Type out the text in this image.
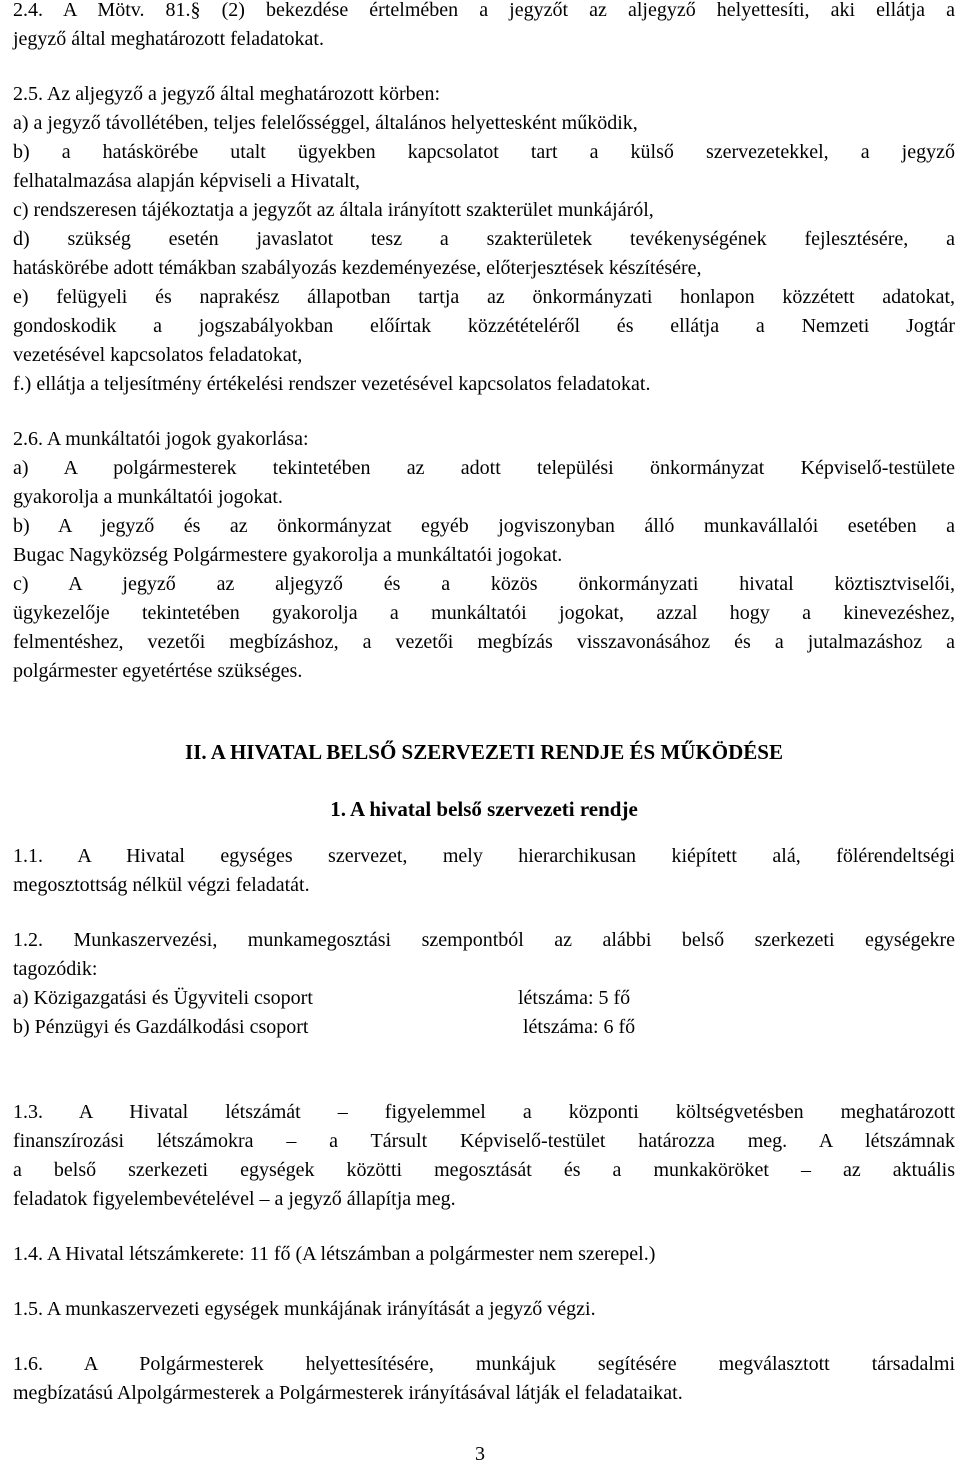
2.4. A Mötv. 81.§ (2) bekezdése értelmében a jegyzőt az aljegyző helyettesíti, aki ellátja a
jegyző által meghatározott feladatokat.
2.5. Az aljegyző a jegyző által meghatározott körben:
a) a jegyző távollétében, teljes felelősséggel, általános helyettesként működik,
b) a hatáskörébe utalt ügyekben kapcsolatot tart a külső szervezetekkel, a jegyző
felhatalmazása alapján képviseli a Hivatalt,
c) rendszeresen tájékoztatja a jegyzőt az általa irányított szakterület munkájáról,
d) szükség esetén javaslatot tesz a szakterületek tevékenységének fejlesztésére, a
hatáskörébe adott témákban szabályozás kezdeményezése, előterjesztések készítésére,
e) felügyeli és naprakész állapotban tartja az önkormányzati honlapon közzétett adatokat,
gondoskodik a jogszabályokban előírtak közzétételéről és ellátja a Nemzeti Jogtár
vezetésével kapcsolatos feladatokat,
f.) ellátja a teljesítmény értékelési rendszer vezetésével kapcsolatos feladatokat.
2.6. A munkáltatói jogok gyakorlása:
a) A polgármesterek tekintetében az adott települési önkormányzat Képviselő-testülete
gyakorolja a munkáltatói jogokat.
b) A jegyző és az önkormányzat egyéb jogviszonyban álló munkavállalói esetében a
Bugac Nagyközség Polgármestere gyakorolja a munkáltatói jogokat.
c) A jegyző az aljegyző és a közös önkormányzati hivatal köztisztviselői,
ügykezelője tekintetében gyakorolja a munkáltatói jogokat, azzal hogy a kinevezéshez,
felmentéshez, vezetői megbízáshoz, a vezetői megbízás visszavonásához és a jutalmazáshoz a
polgármester egyetértése szükséges.
II. A HIVATAL BELSŐ SZERVEZETI RENDJE ÉS MŰKÖDÉSE
1. A hivatal belső szervezeti rendje
1.1. A Hivatal egységes szervezet, mely hierarchikusan kiépített alá, fölérendeltségi
megosztottság nélkül végzi feladatát.
1.2. Munkaszervezési, munkamegosztási szempontból az alábbi belső szerkezeti egységekre
tagozódik:
a) Közigazgatási és Ügyviteli csoport	létszáma: 5 fő
b) Pénzügyi és Gazdálkodási csoport	létszáma: 6 fő
1.3. A Hivatal létszámát – figyelemmel a központi költségvetésben meghatározott
finanszírozási létszámokra – a Társult Képviselő-testület határozza meg. A létszámnak
a belső szerkezeti egységek közötti megosztását és a munkaköröket – az aktuális
feladatok figyelembevételével – a jegyző állapítja meg.
1.4. A Hivatal létszámkerete: 11 fő (A létszámban a polgármester nem szerepel.)
1.5. A munkaszervezeti egységek munkájának irányítását a jegyző végzi.
1.6. A Polgármesterek helyettesítésére, munkájuk segítésére megválasztott társadalmi
megbízatású Alpolgármesterek a Polgármesterek irányításával látják el feladataikat.
3
